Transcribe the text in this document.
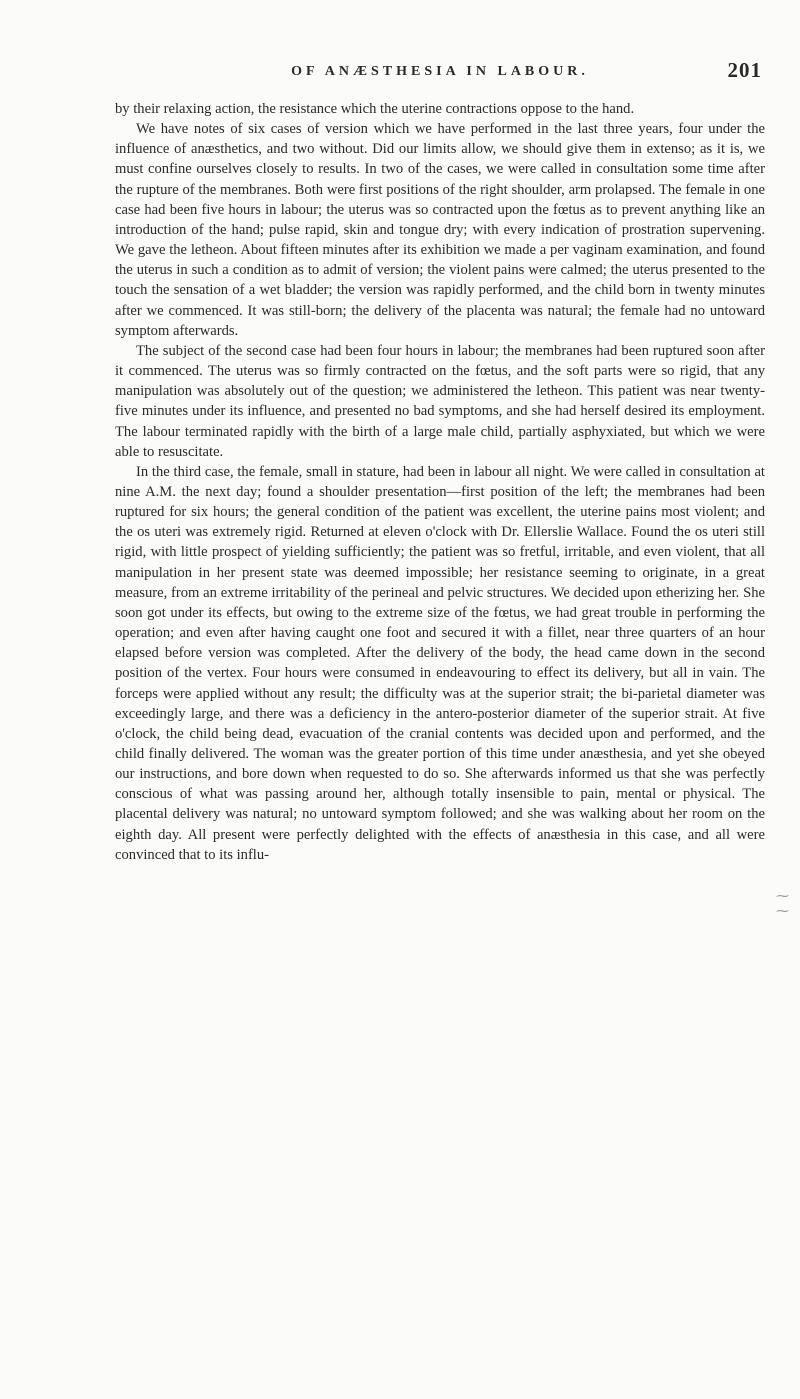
OF ANÆSTHESIA IN LABOUR.	201

by their relaxing action, the resistance which the uterine contractions oppose to the hand.

We have notes of six cases of version which we have performed in the last three years, four under the influence of anæsthetics, and two without. Did our limits allow, we should give them in extenso; as it is, we must confine ourselves closely to results. In two of the cases, we were called in consultation some time after the rupture of the membranes. Both were first positions of the right shoulder, arm prolapsed. The female in one case had been five hours in labour; the uterus was so contracted upon the fœtus as to prevent anything like an introduction of the hand; pulse rapid, skin and tongue dry; with every indication of prostration supervening. We gave the letheon. About fifteen minutes after its exhibition we made a per vaginam examination, and found the uterus in such a condition as to admit of version; the violent pains were calmed; the uterus presented to the touch the sensation of a wet bladder; the version was rapidly performed, and the child born in twenty minutes after we commenced. It was still-born; the delivery of the placenta was natural; the female had no untoward symptom afterwards.

The subject of the second case had been four hours in labour; the membranes had been ruptured soon after it commenced. The uterus was so firmly contracted on the fœtus, and the soft parts were so rigid, that any manipulation was absolutely out of the question; we administered the letheon. This patient was near twenty-five minutes under its influence, and presented no bad symptoms, and she had herself desired its employment. The labour terminated rapidly with the birth of a large male child, partially asphyxiated, but which we were able to resuscitate.

In the third case, the female, small in stature, had been in labour all night. We were called in consultation at nine A.M. the next day; found a shoulder presentation—first position of the left; the membranes had been ruptured for six hours; the general condition of the patient was excellent, the uterine pains most violent; and the os uteri was extremely rigid. Returned at eleven o'clock with Dr. Ellerslie Wallace. Found the os uteri still rigid, with little prospect of yielding sufficiently; the patient was so fretful, irritable, and even violent, that all manipulation in her present state was deemed impossible; her resistance seeming to originate, in a great measure, from an extreme irritability of the perineal and pelvic structures. We decided upon etherizing her. She soon got under its effects, but owing to the extreme size of the fœtus, we had great trouble in performing the operation; and even after having caught one foot and secured it with a fillet, near three quarters of an hour elapsed before version was completed. After the delivery of the body, the head came down in the second position of the vertex. Four hours were consumed in endeavouring to effect its delivery, but all in vain. The forceps were applied without any result; the difficulty was at the superior strait; the bi-parietal diameter was exceedingly large, and there was a deficiency in the antero-posterior diameter of the superior strait. At five o'clock, the child being dead, evacuation of the cranial contents was decided upon and performed, and the child finally delivered. The woman was the greater portion of this time under anæsthesia, and yet she obeyed our instructions, and bore down when requested to do so. She afterwards informed us that she was perfectly conscious of what was passing around her, although totally insensible to pain, mental or physical. The placental delivery was natural; no untoward symptom followed; and she was walking about her room on the eighth day. All present were perfectly delighted with the effects of anæsthesia in this case, and all were convinced that to its influ-

⁓
⁓
